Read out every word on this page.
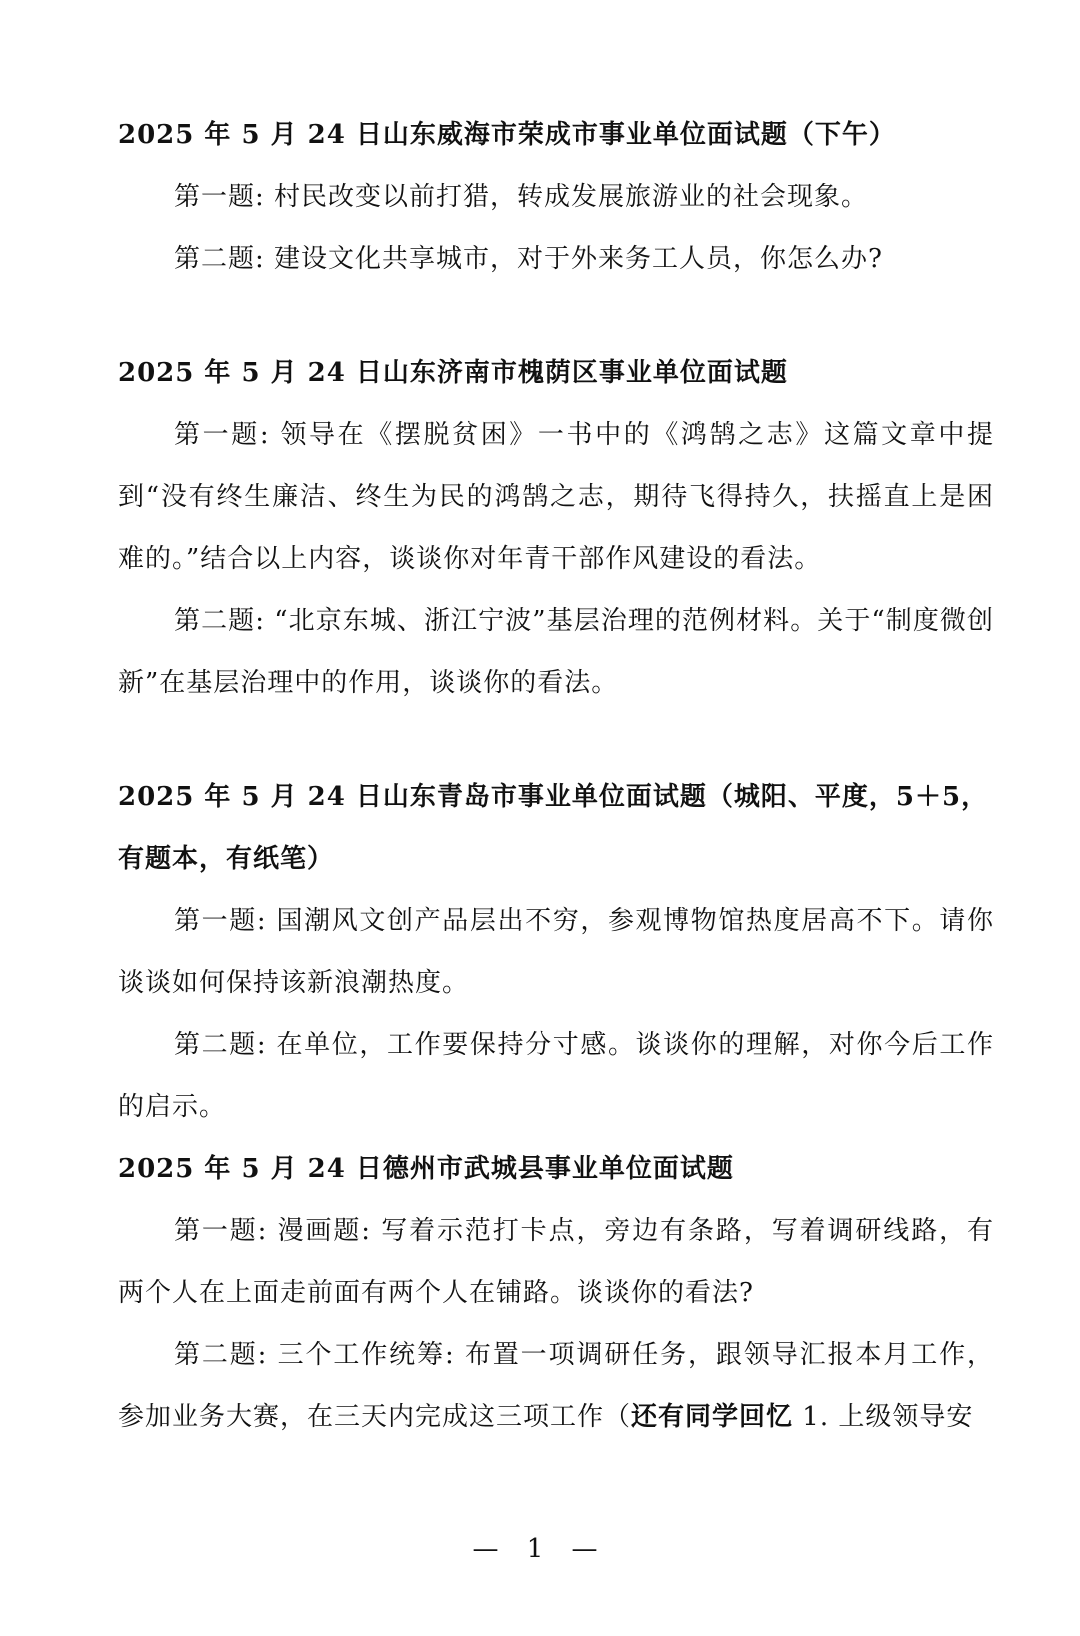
2025 年 5 月 24 日山东威海市荣成市事业单位面试题（下午）

第一题: 村民改变以前打猎，转成发展旅游业的社会现象。

第二题: 建设文化共享城市，对于外来务工人员，你怎么办?

2025 年 5 月 24 日山东济南市槐荫区事业单位面试题

第一题: 领导在《摆脱贫困》一书中的《鸿鹄之志》这篇文章中提到“没有终生廉洁、终生为民的鸿鹄之志，期待飞得持久，扶摇直上是困难的。”结合以上内容，谈谈你对年青干部作风建设的看法。

第二题: “北京东城、浙江宁波”基层治理的范例材料。关于“制度微创新”在基层治理中的作用，谈谈你的看法。

2025 年 5 月 24 日山东青岛市事业单位面试题（城阳、平度，5＋5，有题本，有纸笔）

第一题: 国潮风文创产品层出不穷，参观博物馆热度居高不下。请你谈谈如何保持该新浪潮热度。

第二题: 在单位，工作要保持分寸感。谈谈你的理解，对你今后工作的启示。

2025 年 5 月 24 日德州市武城县事业单位面试题

第一题: 漫画题: 写着示范打卡点，旁边有条路，写着调研线路，有两个人在上面走前面有两个人在铺路。谈谈你的看法?

第二题: 三个工作统筹: 布置一项调研任务，跟领导汇报本月工作，参加业务大赛，在三天内完成这三项工作（还有同学回忆 1. 上级领导安

— 1 —
